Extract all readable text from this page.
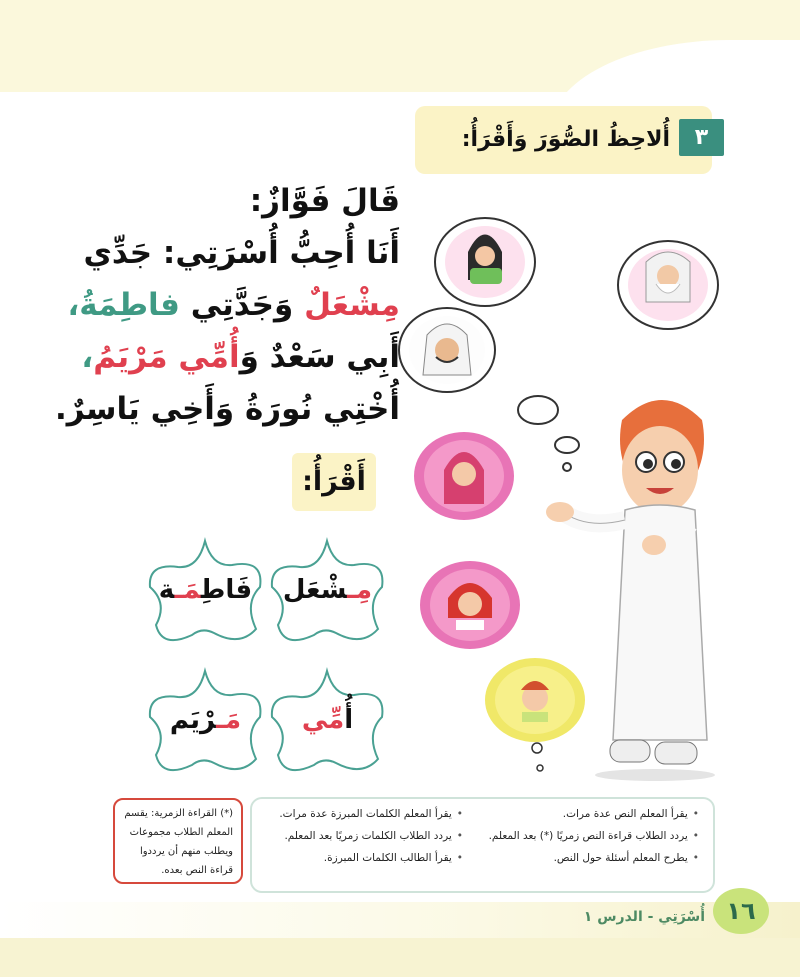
أُلاحِظُ الصُّوَرَ وَأَقْرَأُ:	٣
قَالَ فَوَّازٌ:
أَنَا أُحِبُّ أُسْرَتِي: جَدِّي
مِشْعَلٌ وَجَدَّتِي فاطِمَةُ،
أَبِي سَعْدٌ وَأُمِّي مَرْيَمُ،
أُخْتِي نُورَةُ وَأَخِي يَاسِرٌ.
أَقْرَأُ:
فَاطِمَـة	مِـشْعَل
مَـرْيَم	أُمِّي
• يقرأ المعلم النص عدة مرات.
• يردد الطلاب قراءة النص زمريًا (*) بعد المعلم.
• يطرح المعلم أسئلة حول النص.
• يقرأ المعلم الكلمات المبرزة عدة مرات.
• يردد الطلاب الكلمات زمريًا بعد المعلم.
• يقرأ الطالب الكلمات المبرزة.
(*) القراءة الزمرية: يقسم المعلم الطلاب مجموعات ويطلب منهم أن يرددوا قراءة النص بعده.
أُسْرَتِي - الدرس ١ ١٦
